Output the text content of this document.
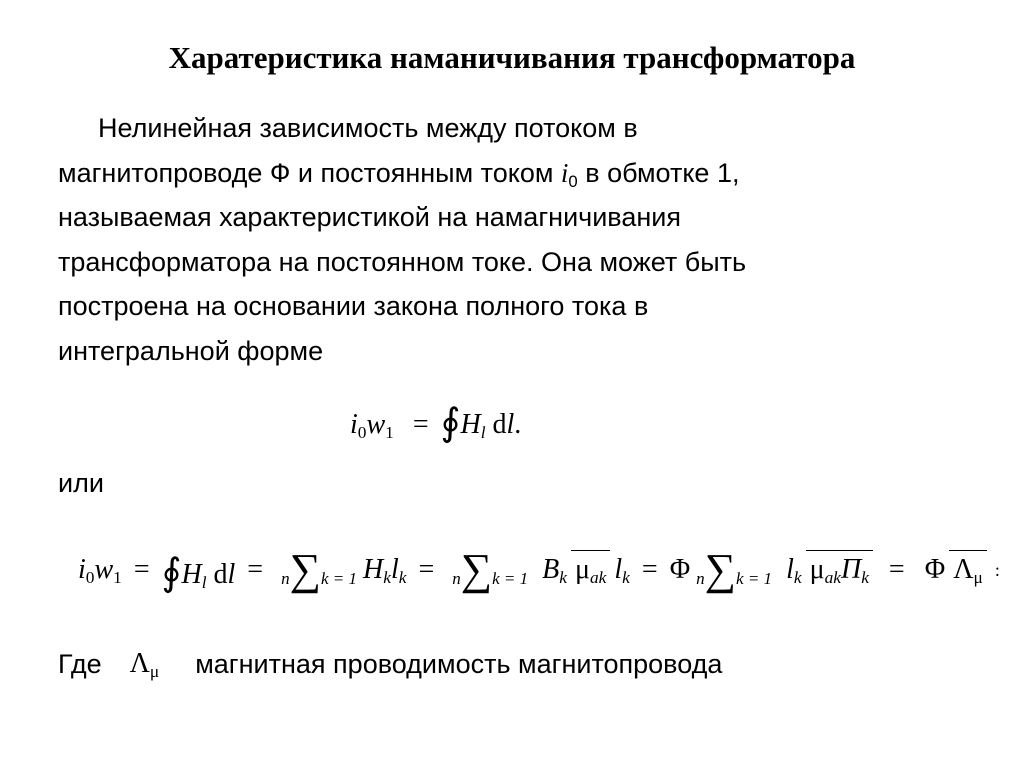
Харатеристика наманичивания трансформатора
Нелинейная зависимость между потоком в
магнитопроводе Ф и постоянным током $i_0$ в обмотке 1,
называемая характеристикой на намагничивания
трансформатора на постоянном токе. Она может быть
построена на основании закона полного тока в
интегральной форме
$i_0w_1$ = $∮H_l$ dl.
или
$i_0w_1$ = $∮H_l$ dl =	n∑k = 1 $H_kl_k$ =	n∑k = 1 $B_k$ $\mu_{ak}$ $l_k = \Phi$ n∑k = 1 $l_k$ $\mu_{ak}\Pi_k = \Phi$ $\Lambda_\mu$ :
Где $\Lambda_\mu$ магнитная проводимость магнитопровода
